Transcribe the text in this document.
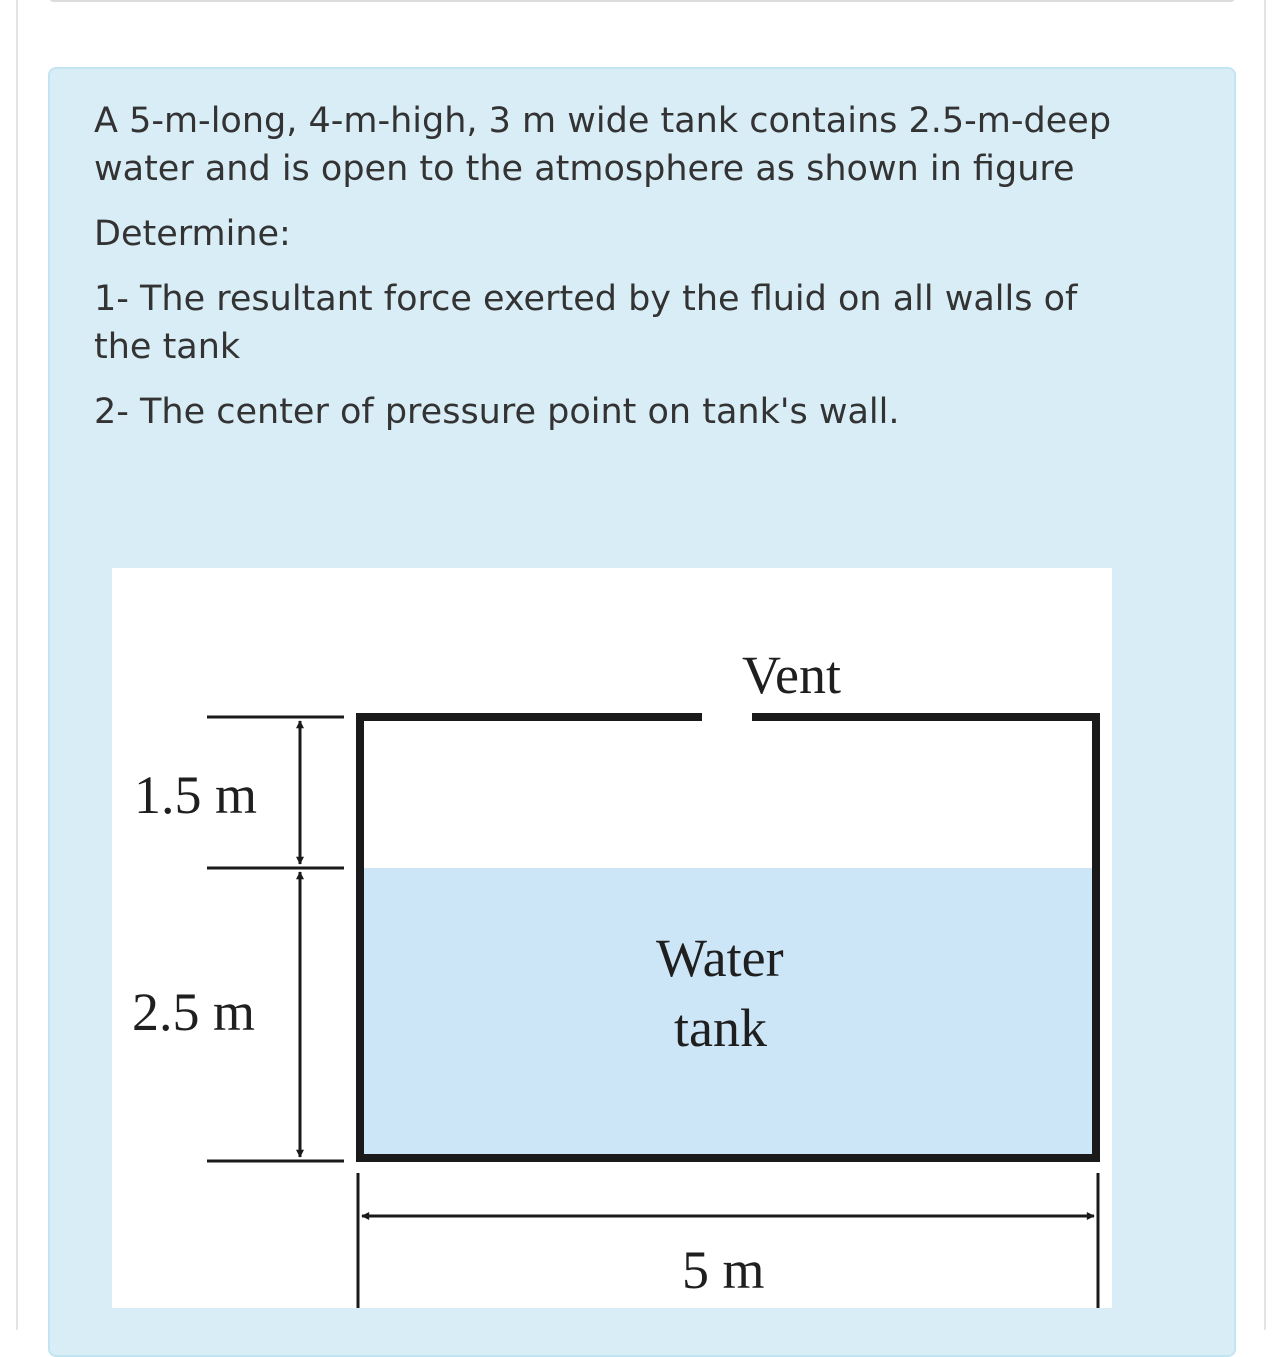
A 5-m-long, 4-m-high, 3 m wide tank contains 2.5-m-deep water and is open to the atmosphere as shown in figure

Determine:

1- The resultant force exerted by the fluid on all walls of the tank

2- The center of pressure point on tank's wall.

Vent
1.5 m
2.5 m
Water
tank
5 m
